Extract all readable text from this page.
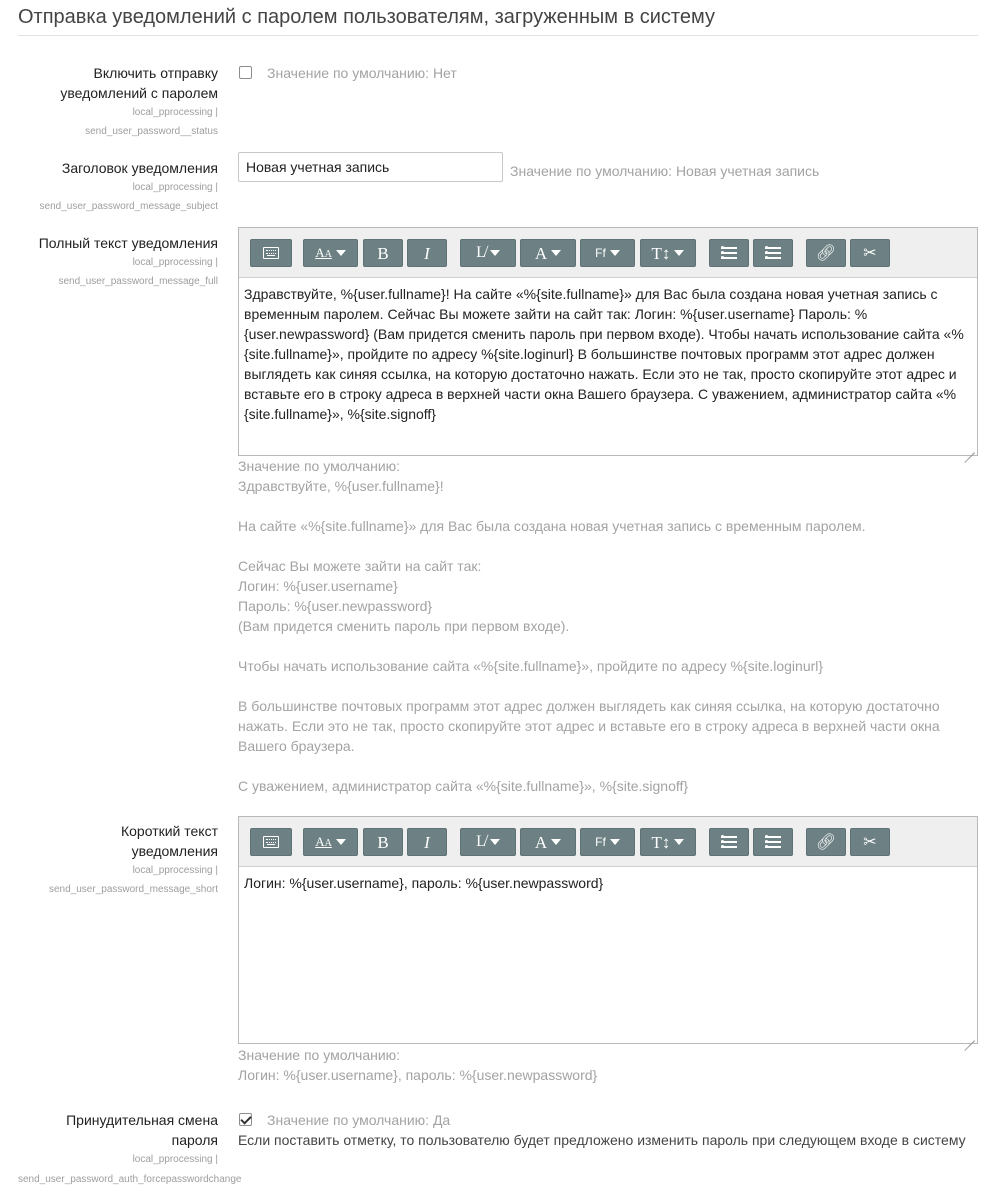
Отправка уведомлений с паролем пользователям, загруженным в систему
Включить отправку уведомлений с паролем
local_pprocessing |
send_user_password__status
Значение по умолчанию: Нет
Заголовок уведомления
local_pprocessing |
send_user_password_message_subject
Новая учетная запись	Значение по умолчанию: Новая учетная запись
Полный текст уведомления
local_pprocessing |
send_user_password_message_full
AA	B I	L̸	A	Ff	T↕	🔗︎ ✂
Здравствуйте, %{user.fullname}! На сайте «%{site.fullname}» для Вас была создана новая учетная запись с временным паролем. Сейчас Вы можете зайти на сайт так: Логин: %{user.username} Пароль: %{user.newpassword} (Вам придется сменить пароль при первом входе). Чтобы начать использование сайта «%{site.fullname}», пройдите по адресу %{site.loginurl} В большинстве почтовых программ этот адрес должен выглядеть как синяя ссылка, на которую достаточно нажать. Если это не так, просто скопируйте этот адрес и вставьте его в строку адреса в верхней части окна Вашего браузера. С уважением, администратор сайта «%{site.fullname}», %{site.signoff}
Значение по умолчанию:
Здравствуйте, %{user.fullname}!

На сайте «%{site.fullname}» для Вас была создана новая учетная запись с временным паролем.

Сейчас Вы можете зайти на сайт так:
Логин: %{user.username}
Пароль: %{user.newpassword}
(Вам придется сменить пароль при первом входе).

Чтобы начать использование сайта «%{site.fullname}», пройдите по адресу %{site.loginurl}

В большинстве почтовых программ этот адрес должен выглядеть как синяя ссылка, на которую достаточно нажать. Если это не так, просто скопируйте этот адрес и вставьте его в строку адреса в верхней части окна Вашего браузера.

С уважением, администратор сайта «%{site.fullname}», %{site.signoff}
Короткий текст уведомления
local_pprocessing |
send_user_password_message_short
AA	B I	L̸	A	Ff	T↕	🔗︎ ✂
Логин: %{user.username}, пароль: %{user.newpassword}
Значение по умолчанию:
Логин: %{user.username}, пароль: %{user.newpassword}
Принудительная смена пароля
local_pprocessing |
send_user_password_auth_forcepasswordchange
Значение по умолчанию: Да
Если поставить отметку, то пользователю будет предложено изменить пароль при следующем входе в систему
